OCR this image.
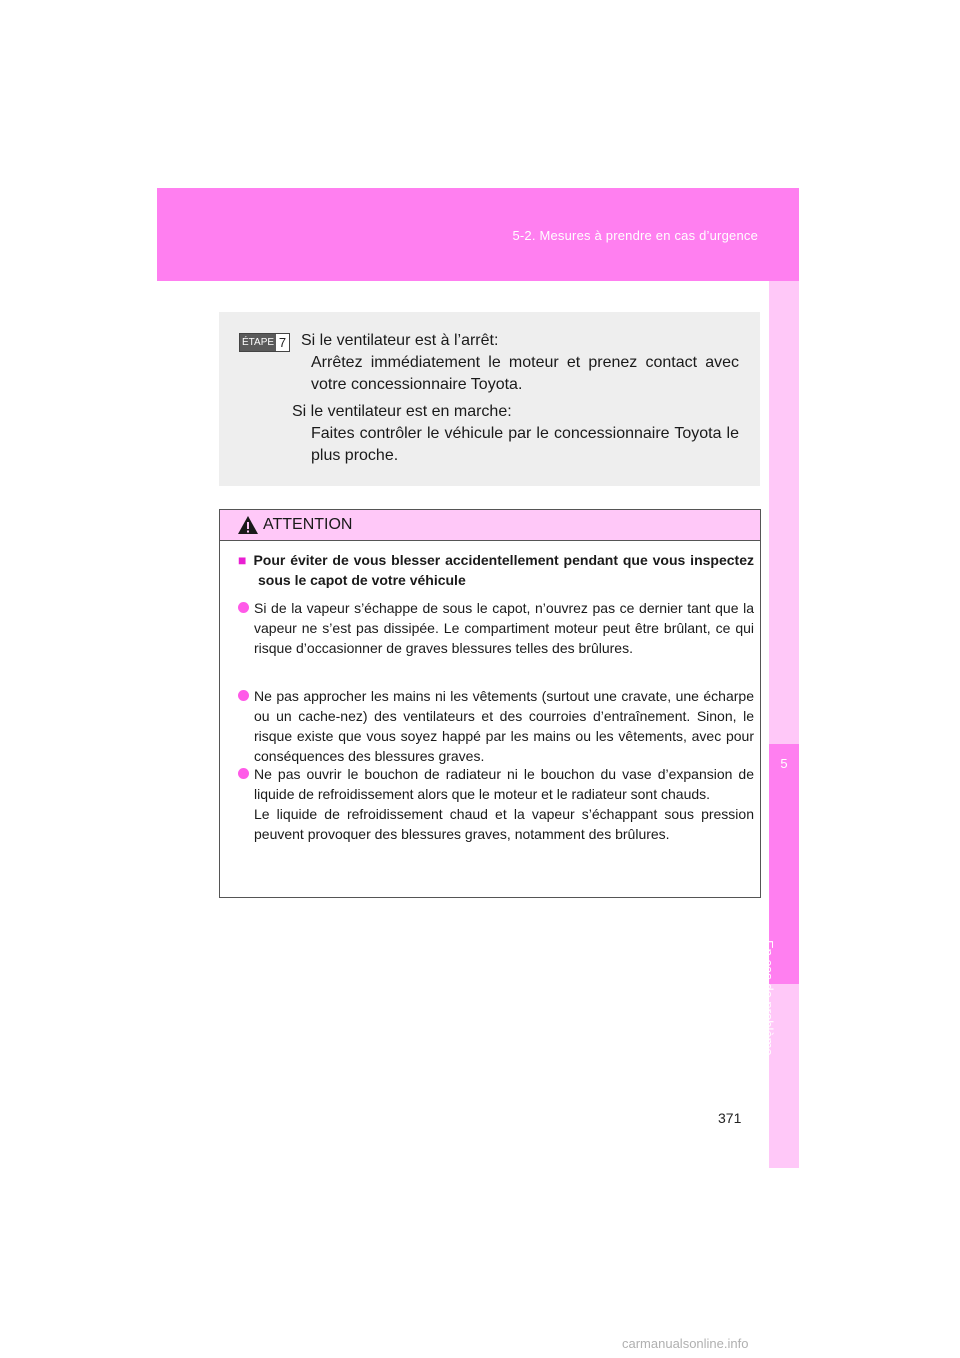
5-2. Mesures à prendre en cas d’urgence
5
En cas de problème
ÉTAPE 7 Si le ventilateur est à l’arrêt:
Arrêtez immédiatement le moteur et prenez contact avec votre concessionnaire Toyota.
Si le ventilateur est en marche:
Faites contrôler le véhicule par le concessionnaire Toyota le plus proche.
ATTENTION
■ Pour éviter de vous blesser accidentellement pendant que vous inspectez sous le capot de votre véhicule
Si de la vapeur s’échappe de sous le capot, n’ouvrez pas ce dernier tant que la vapeur ne s’est pas dissipée. Le compartiment moteur peut être brûlant, ce qui risque d’occasionner de graves blessures telles des brûlures.
Ne pas approcher les mains ni les vêtements (surtout une cravate, une écharpe ou un cache-nez) des ventilateurs et des courroies d’entraînement. Sinon, le risque existe que vous soyez happé par les mains ou les vêtements, avec pour conséquences des blessures graves.
Ne pas ouvrir le bouchon de radiateur ni le bouchon du vase d’expansion de liquide de refroidissement alors que le moteur et le radiateur sont chauds.
Le liquide de refroidissement chaud et la vapeur s’échappant sous pression peuvent provoquer des blessures graves, notamment des brûlures.
371
carmanualsonline.info
